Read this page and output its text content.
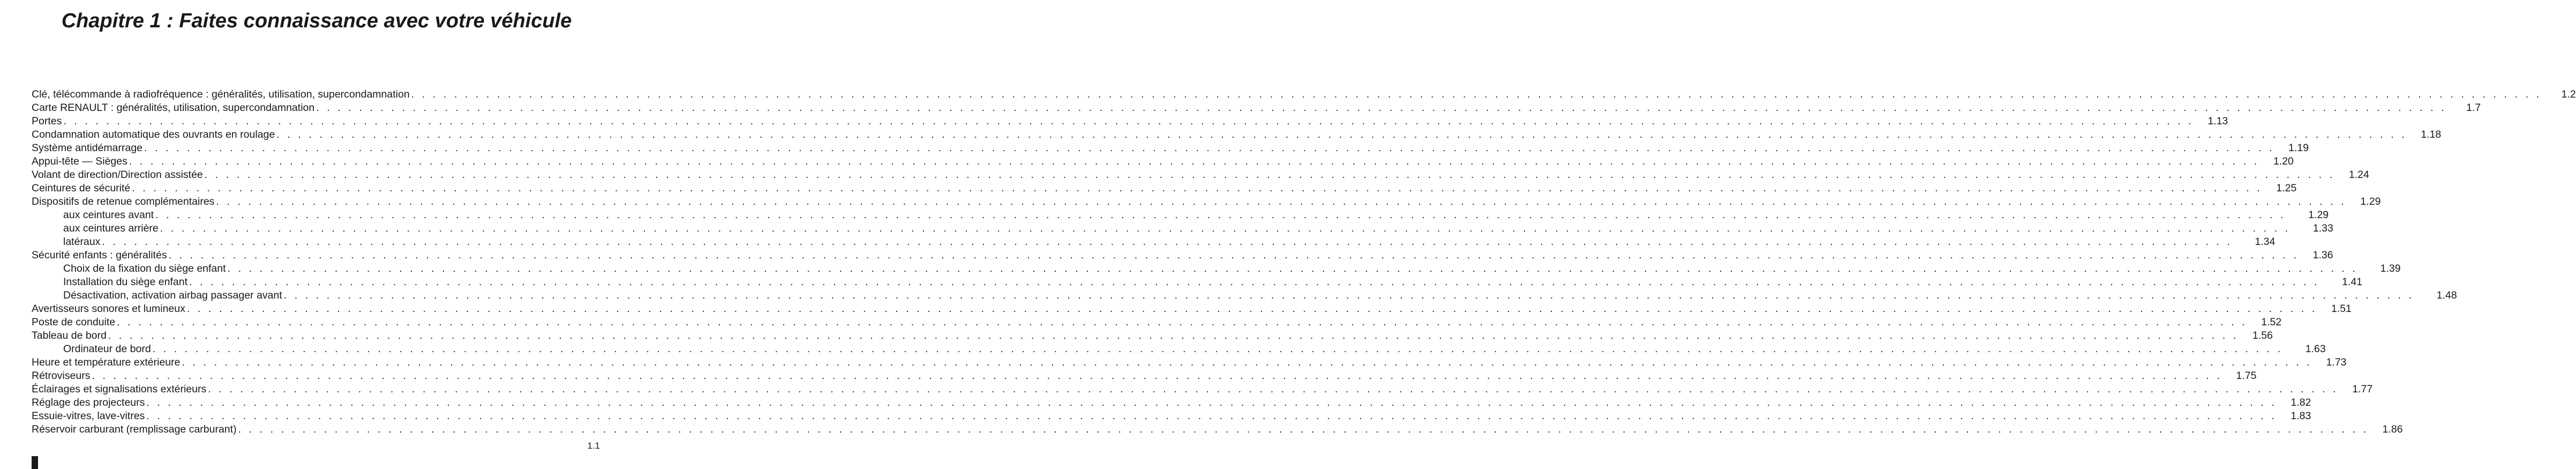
Chapitre 1 : Faites connaissance avec votre véhicule
Clé, télécommande à radiofréquence : généralités, utilisation, supercondamnation . . . . . . . . . . . . . . . . . . . . . . . . . . . . . . . . . . . . . . . . . . . . . . . . . . . . . . . . . . . . . . . . . . . . . . . . . . . . . . . . . . . . . . . . . . . . . . . . . . . . . . . . . . . . . . . . . . . . . . . . . . . . . . . . . . . . . . . . . . . . . . . . . . . . . . . . . . . . . . . . . . . . . . . . . . . . . . . . . . . . . . . . . . . . . . . . . . . . . . .	1.2
Carte RENAULT : généralités, utilisation, supercondamnation . . . . . . . . . . . . . . . . . . . . . . . . . . . . . . . . . . . . . . . . . . . . . . . . . . . . . . . . . . . . . . . . . . . . . . . . . . . . . . . . . . . . . . . . . . . . . . . . . . . . . . . . . . . . . . . . . . . . . . . . . . . . . . . . . . . . . . . . . . . . . . . . . . . . . . . . . . . . . . . . . . . . . . . . . . . . . . . . . . . . . . . . . . . . . . . . . . . . . . .	1.7
Portes . . . . . . . . . . . . . . . . . . . . . . . . . . . . . . . . . . . . . . . . . . . . . . . . . . . . . . . . . . . . . . . . . . . . . . . . . . . . . . . . . . . . . . . . . . . . . . . . . . . . . . . . . . . . . . . . . . . . . . . . . . . . . . . . . . . . . . . . . . . . . . . . . . . . . . . . . . . . . . . . . . . . . . . . . . . . . . . . . . . . . . . . . . . . . . . . . . . . . . .	1.13
Condamnation automatique des ouvrants en roulage . . . . . . . . . . . . . . . . . . . . . . . . . . . . . . . . . . . . . . . . . . . . . . . . . . . . . . . . . . . . . . . . . . . . . . . . . . . . . . . . . . . . . . . . . . . . . . . . . . . . . . . . . . . . . . . . . . . . . . . . . . . . . . . . . . . . . . . . . . . . . . . . . . . . . . . . . . . . . . . . . . . . . . . . . . . . . . . . . . . . . . . . . . . . . . . . . . . . . . .	1.18
Système antidémarrage . . . . . . . . . . . . . . . . . . . . . . . . . . . . . . . . . . . . . . . . . . . . . . . . . . . . . . . . . . . . . . . . . . . . . . . . . . . . . . . . . . . . . . . . . . . . . . . . . . . . . . . . . . . . . . . . . . . . . . . . . . . . . . . . . . . . . . . . . . . . . . . . . . . . . . . . . . . . . . . . . . . . . . . . . . . . . . . . . . . . . . . . . . . . . . . . . . . . . . .	1.19
Appui-tête — Sièges . . . . . . . . . . . . . . . . . . . . . . . . . . . . . . . . . . . . . . . . . . . . . . . . . . . . . . . . . . . . . . . . . . . . . . . . . . . . . . . . . . . . . . . . . . . . . . . . . . . . . . . . . . . . . . . . . . . . . . . . . . . . . . . . . . . . . . . . . . . . . . . . . . . . . . . . . . . . . . . . . . . . . . . . . . . . . . . . . . . . . . . . . . . . . . . . . . . . . . .	1.20
Volant de direction/Direction assistée . . . . . . . . . . . . . . . . . . . . . . . . . . . . . . . . . . . . . . . . . . . . . . . . . . . . . . . . . . . . . . . . . . . . . . . . . . . . . . . . . . . . . . . . . . . . . . . . . . . . . . . . . . . . . . . . . . . . . . . . . . . . . . . . . . . . . . . . . . . . . . . . . . . . . . . . . . . . . . . . . . . . . . . . . . . . . . . . . . . . . . . . . . . . . . . . . . . . . . .	1.24
Ceintures de sécurité . . . . . . . . . . . . . . . . . . . . . . . . . . . . . . . . . . . . . . . . . . . . . . . . . . . . . . . . . . . . . . . . . . . . . . . . . . . . . . . . . . . . . . . . . . . . . . . . . . . . . . . . . . . . . . . . . . . . . . . . . . . . . . . . . . . . . . . . . . . . . . . . . . . . . . . . . . . . . . . . . . . . . . . . . . . . . . . . . . . . . . . . . . . . . . . . . . . . . . .	1.25
Dispositifs de retenue complémentaires . . . . . . . . . . . . . . . . . . . . . . . . . . . . . . . . . . . . . . . . . . . . . . . . . . . . . . . . . . . . . . . . . . . . . . . . . . . . . . . . . . . . . . . . . . . . . . . . . . . . . . . . . . . . . . . . . . . . . . . . . . . . . . . . . . . . . . . . . . . . . . . . . . . . . . . . . . . . . . . . . . . . . . . . . . . . . . . . . . . . . . . . . . . . . . . . . . . . . . .	1.29
aux ceintures avant . . . . . . . . . . . . . . . . . . . . . . . . . . . . . . . . . . . . . . . . . . . . . . . . . . . . . . . . . . . . . . . . . . . . . . . . . . . . . . . . . . . . . . . . . . . . . . . . . . . . . . . . . . . . . . . . . . . . . . . . . . . . . . . . . . . . . . . . . . . . . . . . . . . . . . . . . . . . . . . . . . . . . . . . . . . . . . . . . . . . . . . . . . . . . . . . . . . . . . .	1.29
aux ceintures arrière . . . . . . . . . . . . . . . . . . . . . . . . . . . . . . . . . . . . . . . . . . . . . . . . . . . . . . . . . . . . . . . . . . . . . . . . . . . . . . . . . . . . . . . . . . . . . . . . . . . . . . . . . . . . . . . . . . . . . . . . . . . . . . . . . . . . . . . . . . . . . . . . . . . . . . . . . . . . . . . . . . . . . . . . . . . . . . . . . . . . . . . . . . . . . . . . . . . . . . .	1.33
latéraux . . . . . . . . . . . . . . . . . . . . . . . . . . . . . . . . . . . . . . . . . . . . . . . . . . . . . . . . . . . . . . . . . . . . . . . . . . . . . . . . . . . . . . . . . . . . . . . . . . . . . . . . . . . . . . . . . . . . . . . . . . . . . . . . . . . . . . . . . . . . . . . . . . . . . . . . . . . . . . . . . . . . . . . . . . . . . . . . . . . . . . . . . . . . . . . . . . . . . . .	1.34
Sécurité enfants : généralités . . . . . . . . . . . . . . . . . . . . . . . . . . . . . . . . . . . . . . . . . . . . . . . . . . . . . . . . . . . . . . . . . . . . . . . . . . . . . . . . . . . . . . . . . . . . . . . . . . . . . . . . . . . . . . . . . . . . . . . . . . . . . . . . . . . . . . . . . . . . . . . . . . . . . . . . . . . . . . . . . . . . . . . . . . . . . . . . . . . . . . . . . . . . . . . . . . . . . . .	1.36
Choix de la fixation du siège enfant . . . . . . . . . . . . . . . . . . . . . . . . . . . . . . . . . . . . . . . . . . . . . . . . . . . . . . . . . . . . . . . . . . . . . . . . . . . . . . . . . . . . . . . . . . . . . . . . . . . . . . . . . . . . . . . . . . . . . . . . . . . . . . . . . . . . . . . . . . . . . . . . . . . . . . . . . . . . . . . . . . . . . . . . . . . . . . . . . . . . . . . . . . . . . . . . . . . . . . .	1.39
Installation du siège enfant . . . . . . . . . . . . . . . . . . . . . . . . . . . . . . . . . . . . . . . . . . . . . . . . . . . . . . . . . . . . . . . . . . . . . . . . . . . . . . . . . . . . . . . . . . . . . . . . . . . . . . . . . . . . . . . . . . . . . . . . . . . . . . . . . . . . . . . . . . . . . . . . . . . . . . . . . . . . . . . . . . . . . . . . . . . . . . . . . . . . . . . . . . . . . . . . . . . . . . .	1.41
Désactivation, activation airbag passager avant . . . . . . . . . . . . . . . . . . . . . . . . . . . . . . . . . . . . . . . . . . . . . . . . . . . . . . . . . . . . . . . . . . . . . . . . . . . . . . . . . . . . . . . . . . . . . . . . . . . . . . . . . . . . . . . . . . . . . . . . . . . . . . . . . . . . . . . . . . . . . . . . . . . . . . . . . . . . . . . . . . . . . . . . . . . . . . . . . . . . . . . . . . . . . . . . . . . . . . .	1.48
Avertisseurs sonores et lumineux . . . . . . . . . . . . . . . . . . . . . . . . . . . . . . . . . . . . . . . . . . . . . . . . . . . . . . . . . . . . . . . . . . . . . . . . . . . . . . . . . . . . . . . . . . . . . . . . . . . . . . . . . . . . . . . . . . . . . . . . . . . . . . . . . . . . . . . . . . . . . . . . . . . . . . . . . . . . . . . . . . . . . . . . . . . . . . . . . . . . . . . . . . . . . . . . . . . . . . .	1.51
Poste de conduite . . . . . . . . . . . . . . . . . . . . . . . . . . . . . . . . . . . . . . . . . . . . . . . . . . . . . . . . . . . . . . . . . . . . . . . . . . . . . . . . . . . . . . . . . . . . . . . . . . . . . . . . . . . . . . . . . . . . . . . . . . . . . . . . . . . . . . . . . . . . . . . . . . . . . . . . . . . . . . . . . . . . . . . . . . . . . . . . . . . . . . . . . . . . . . . . . . . . . . .	1.52
Tableau de bord . . . . . . . . . . . . . . . . . . . . . . . . . . . . . . . . . . . . . . . . . . . . . . . . . . . . . . . . . . . . . . . . . . . . . . . . . . . . . . . . . . . . . . . . . . . . . . . . . . . . . . . . . . . . . . . . . . . . . . . . . . . . . . . . . . . . . . . . . . . . . . . . . . . . . . . . . . . . . . . . . . . . . . . . . . . . . . . . . . . . . . . . . . . . . . . . . . . . . . .	1.56
Ordinateur de bord . . . . . . . . . . . . . . . . . . . . . . . . . . . . . . . . . . . . . . . . . . . . . . . . . . . . . . . . . . . . . . . . . . . . . . . . . . . . . . . . . . . . . . . . . . . . . . . . . . . . . . . . . . . . . . . . . . . . . . . . . . . . . . . . . . . . . . . . . . . . . . . . . . . . . . . . . . . . . . . . . . . . . . . . . . . . . . . . . . . . . . . . . . . . . . . . . . . . . . .	1.63
Heure et température extérieure . . . . . . . . . . . . . . . . . . . . . . . . . . . . . . . . . . . . . . . . . . . . . . . . . . . . . . . . . . . . . . . . . . . . . . . . . . . . . . . . . . . . . . . . . . . . . . . . . . . . . . . . . . . . . . . . . . . . . . . . . . . . . . . . . . . . . . . . . . . . . . . . . . . . . . . . . . . . . . . . . . . . . . . . . . . . . . . . . . . . . . . . . . . . . . . . . . . . . . .	1.73
Rétroviseurs . . . . . . . . . . . . . . . . . . . . . . . . . . . . . . . . . . . . . . . . . . . . . . . . . . . . . . . . . . . . . . . . . . . . . . . . . . . . . . . . . . . . . . . . . . . . . . . . . . . . . . . . . . . . . . . . . . . . . . . . . . . . . . . . . . . . . . . . . . . . . . . . . . . . . . . . . . . . . . . . . . . . . . . . . . . . . . . . . . . . . . . . . . . . . . . . . . . . . . .	1.75
Éclairages et signalisations extérieurs . . . . . . . . . . . . . . . . . . . . . . . . . . . . . . . . . . . . . . . . . . . . . . . . . . . . . . . . . . . . . . . . . . . . . . . . . . . . . . . . . . . . . . . . . . . . . . . . . . . . . . . . . . . . . . . . . . . . . . . . . . . . . . . . . . . . . . . . . . . . . . . . . . . . . . . . . . . . . . . . . . . . . . . . . . . . . . . . . . . . . . . . . . . . . . . . . . . . . . .	1.77
Réglage des projecteurs . . . . . . . . . . . . . . . . . . . . . . . . . . . . . . . . . . . . . . . . . . . . . . . . . . . . . . . . . . . . . . . . . . . . . . . . . . . . . . . . . . . . . . . . . . . . . . . . . . . . . . . . . . . . . . . . . . . . . . . . . . . . . . . . . . . . . . . . . . . . . . . . . . . . . . . . . . . . . . . . . . . . . . . . . . . . . . . . . . . . . . . . . . . . . . . . . . . . . . .	1.82
Essuie-vitres, lave-vitres . . . . . . . . . . . . . . . . . . . . . . . . . . . . . . . . . . . . . . . . . . . . . . . . . . . . . . . . . . . . . . . . . . . . . . . . . . . . . . . . . . . . . . . . . . . . . . . . . . . . . . . . . . . . . . . . . . . . . . . . . . . . . . . . . . . . . . . . . . . . . . . . . . . . . . . . . . . . . . . . . . . . . . . . . . . . . . . . . . . . . . . . . . . . . . . . . . . . . . .	1.83
Réservoir carburant (remplissage carburant) . . . . . . . . . . . . . . . . . . . . . . . . . . . . . . . . . . . . . . . . . . . . . . . . . . . . . . . . . . . . . . . . . . . . . . . . . . . . . . . . . . . . . . . . . . . . . . . . . . . . . . . . . . . . . . . . . . . . . . . . . . . . . . . . . . . . . . . . . . . . . . . . . . . . . . . . . . . . . . . . . . . . . . . . . . . . . . . . . . . . . . . . . . . . . . . . . . . . . . .	1.86
1.1
